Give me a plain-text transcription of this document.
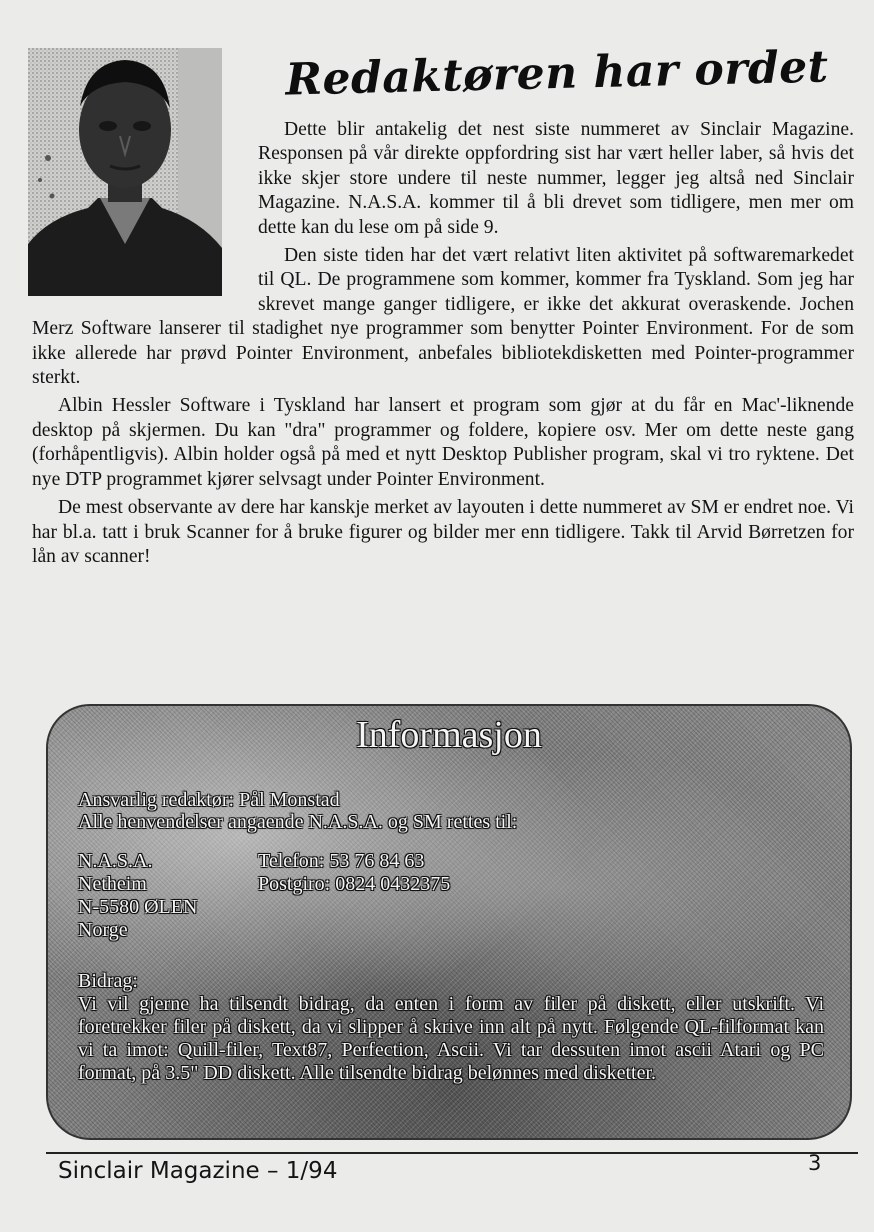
Redaktøren har ordet

Dette blir antakelig det nest siste nummeret av Sinclair Magazine. Responsen på vår direkte oppfordring sist har vært heller laber, så hvis det ikke skjer store undere til neste nummer, legger jeg altså ned Sinclair Magazine. N.A.S.A. kommer til å bli drevet som tidligere, men mer om dette kan du lese om på side 9.

Den siste tiden har det vært relativt liten aktivitet på softwaremarkedet til QL. De programmene som kommer, kommer fra Tyskland. Som jeg har skrevet mange ganger tidligere, er ikke det akkurat overaskende. Jochen Merz Software lanserer til stadighet nye programmer som benytter Pointer Environment. For de som ikke allerede har prøvd Pointer Environment, anbefales bibliotekdisketten med Pointer-programmer sterkt.

Albin Hessler Software i Tyskland har lansert et program som gjør at du får en Mac'-liknende desktop på skjermen. Du kan "dra" programmer og foldere, kopiere osv. Mer om dette neste gang (forhåpentligvis). Albin holder også på med et nytt Desktop Publisher program, skal vi tro ryktene. Det nye DTP programmet kjører selvsagt under Pointer Environment.

De mest observante av dere har kanskje merket av layouten i dette nummeret av SM er endret noe. Vi har bl.a. tatt i bruk Scanner for å bruke figurer og bilder mer enn tidligere. Takk til Arvid Børretzen for lån av scanner!

Informasjon
Ansvarlig redaktør: Pål Monstad
Alle henvendelser angaende N.A.S.A. og SM rettes til:
N.A.S.A.
Netheim
N-5580 ØLEN
Norge
Telefon: 53 76 84 63
Postgiro: 0824 0432375

Bidrag:

Vi vil gjerne ha tilsendt bidrag, da enten i form av filer på diskett, eller utskrift. Vi foretrekker filer på diskett, da vi slipper å skrive inn alt på nytt. Følgende QL-filformat kan vi ta imot: Quill-filer, Text87, Perfection, Ascii. Vi tar dessuten imot ascii Atari og PC format, på 3.5" DD diskett. Alle tilsendte bidrag belønnes med disketter.

Sinclair Magazine – 1/94	3
